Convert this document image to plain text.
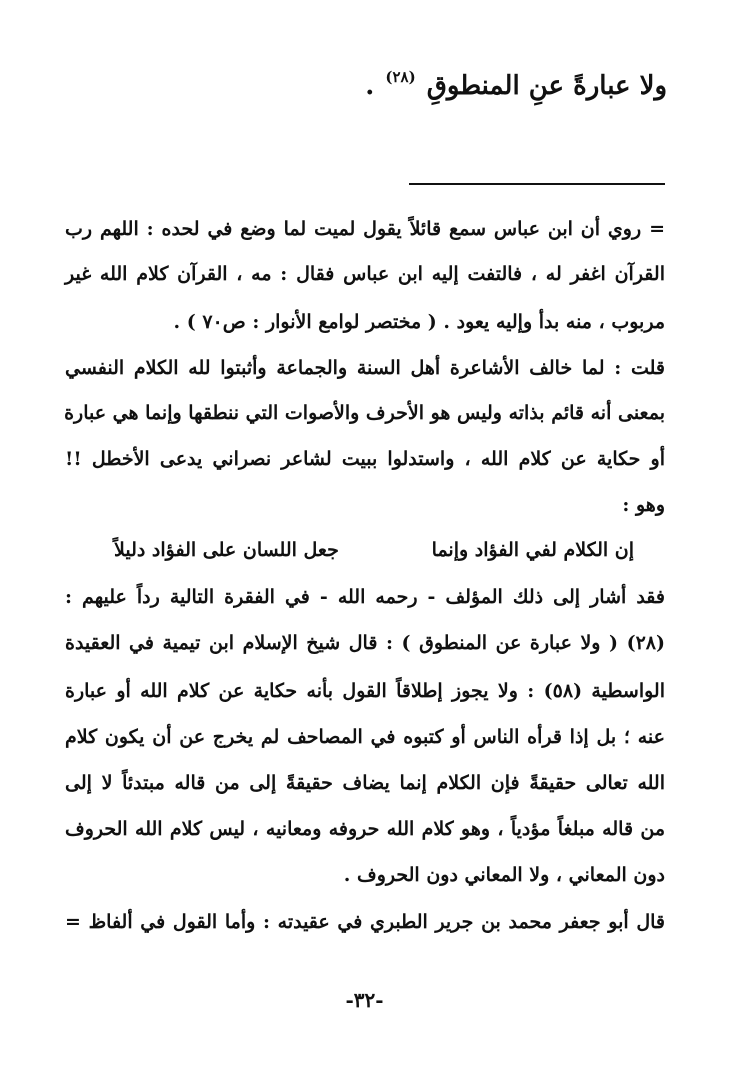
ولا عبارةً عنِ المنطوقِ $^{(٢٨)}$ .
= روي أن ابن عباس سمع قائلاً يقول لميت لما وضع في لحده : اللهم رب
القرآن اغفر له ، فالتفت إليه ابن عباس فقال : مه ، القرآن كلام الله غير
مربوب ، منه بدأ وإليه يعود . ( مختصر لوامع الأنوار : ص٧٠ ) .
قلت : لما خالف الأشاعرة أهل السنة والجماعة وأثبتوا لله الكلام النفسي
بمعنى أنه قائم بذاته وليس هو الأحرف والأصوات التي ننطقها وإنما هي عبارة
أو حكاية عن كلام الله ، واستدلوا ببيت لشاعر نصراني يدعى الأخطل !!
وهو :
إن الكلام لفي الفؤاد وإنما
جعل اللسان على الفؤاد دليلاً
فقد أشار إلى ذلك المؤلف - رحمه الله - في الفقرة التالية رداً عليهم :
(٢٨) ( ولا عبارة عن المنطوق ) : قال شيخ الإسلام ابن تيمية في العقيدة
الواسطية (٥٨) : ولا يجوز إطلاقاً القول بأنه حكاية عن كلام الله أو عبارة
عنه ؛ بل إذا قرأه الناس أو كتبوه في المصاحف لم يخرج عن أن يكون كلام
الله تعالى حقيقةً فإن الكلام إنما يضاف حقيقةً إلى من قاله مبتدئاً لا إلى
من قاله مبلغاً مؤدياً ، وهو كلام الله حروفه ومعانيه ، ليس كلام الله الحروف
دون المعاني ، ولا المعاني دون الحروف .
قال أبو جعفر محمد بن جرير الطبري في عقيدته : وأما القول في ألفاظ =
-٣٢-
